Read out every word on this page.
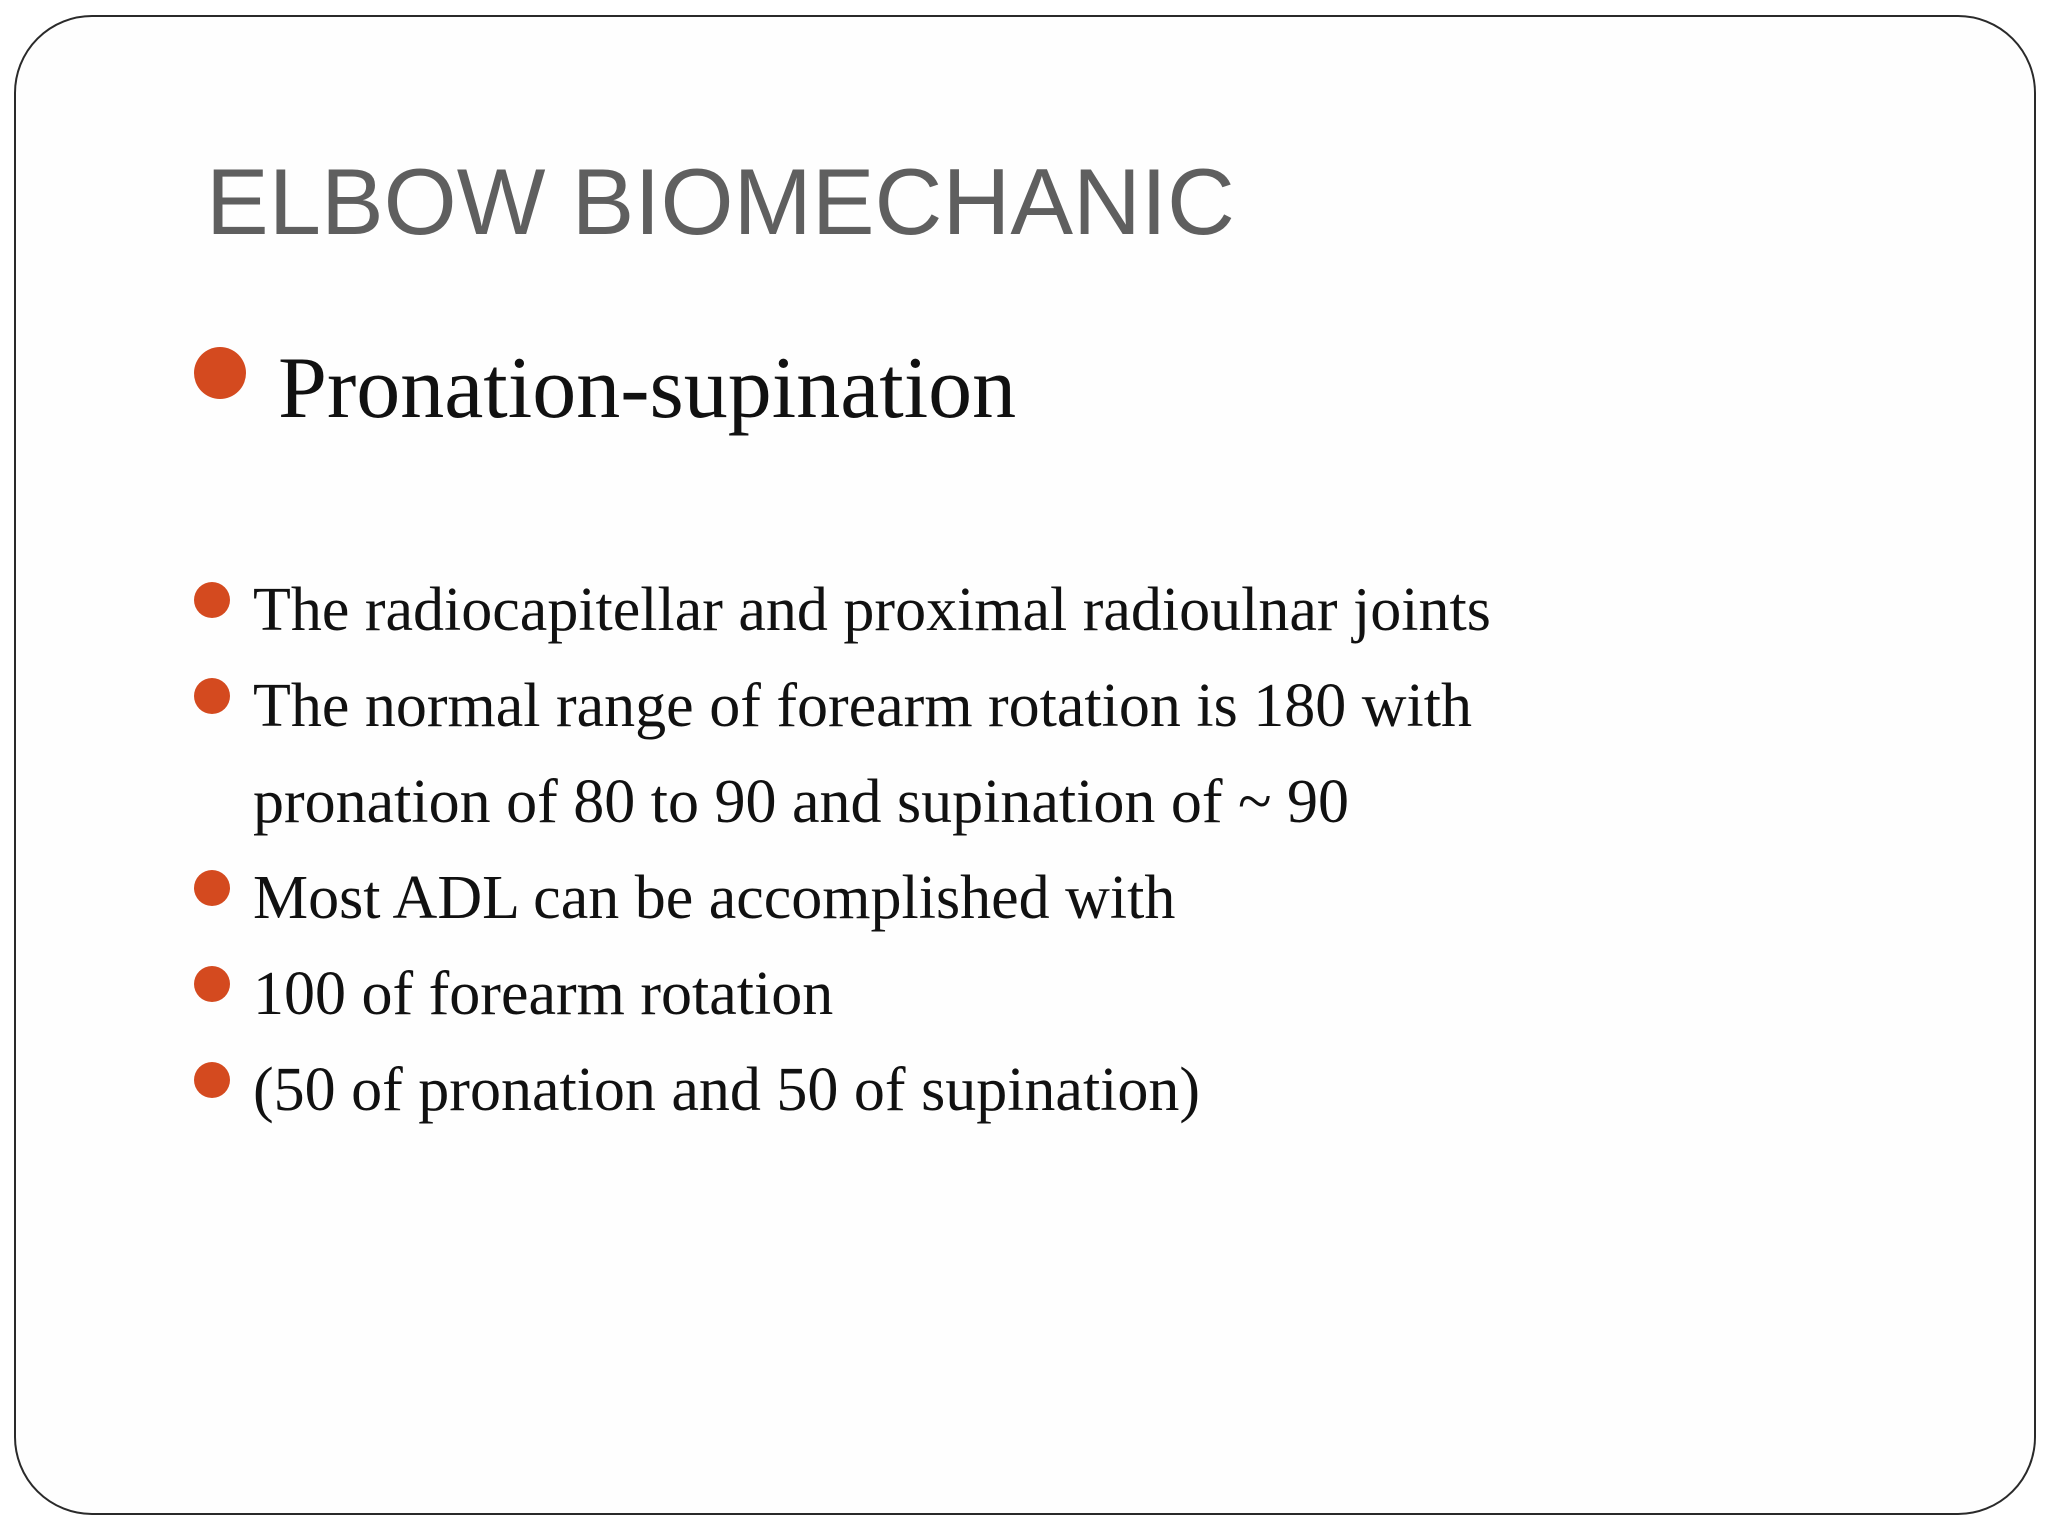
ELBOW BIOMECHANIC
Pronation-supination
The radiocapitellar and proximal radioulnar joints
The normal range of forearm rotation is 180 with
pronation of 80 to 90 and supination of ~ 90
Most ADL can be accomplished with
100 of forearm rotation
(50 of pronation and 50 of supination)
